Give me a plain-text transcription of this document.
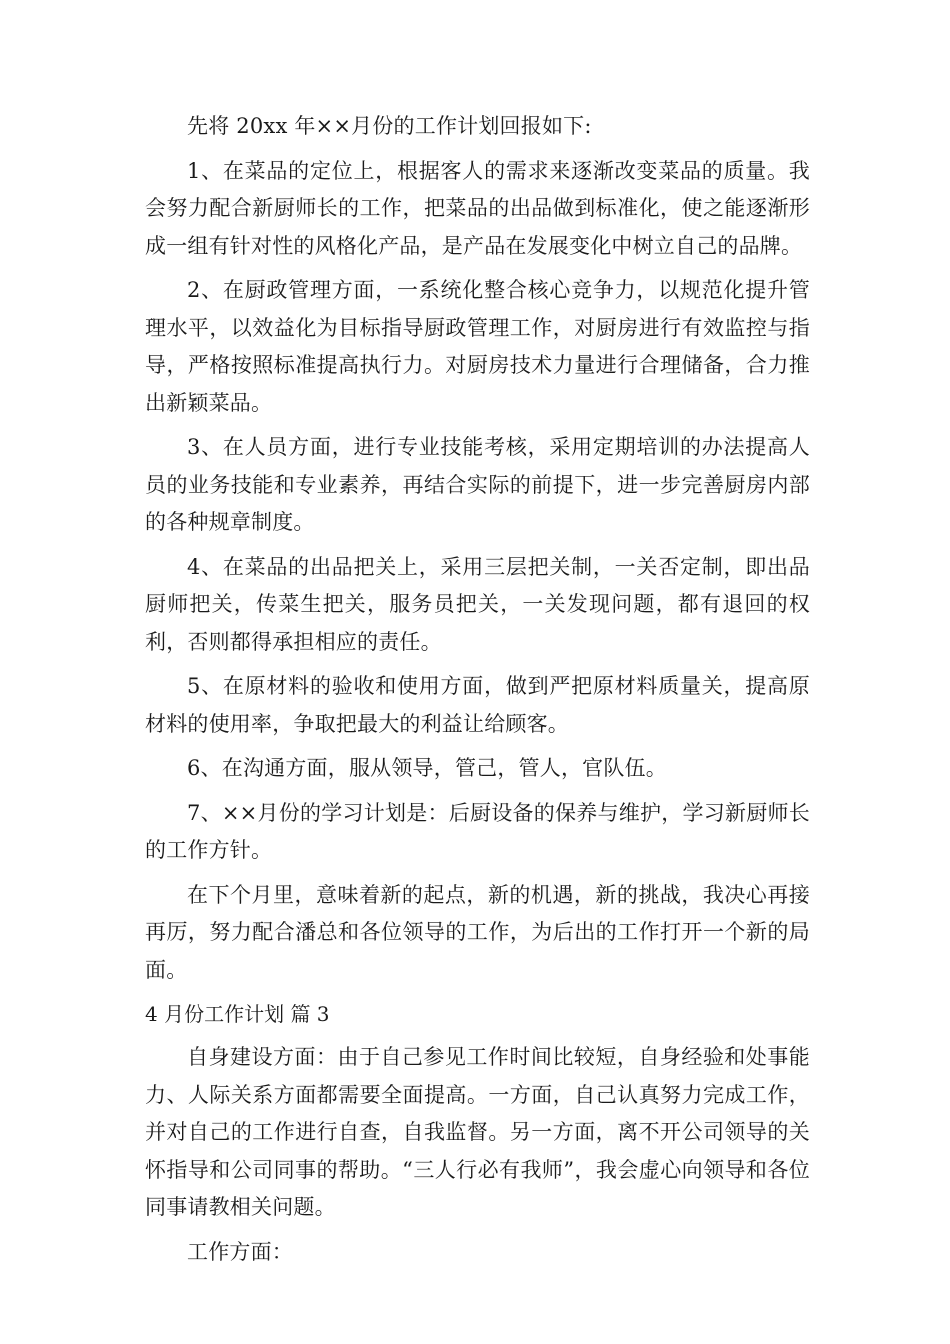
先将 20xx 年××月份的工作计划回报如下:

1、在菜品的定位上，根据客人的需求来逐渐改变菜品的质量。我会努力配合新厨师长的工作，把菜品的出品做到标准化，使之能逐渐形成一组有针对性的风格化产品，是产品在发展变化中树立自己的品牌。

2、在厨政管理方面，一系统化整合核心竞争力，以规范化提升管理水平，以效益化为目标指导厨政管理工作，对厨房进行有效监控与指导，严格按照标准提高执行力。对厨房技术力量进行合理储备，合力推出新颖菜品。

3、在人员方面，进行专业技能考核，采用定期培训的办法提高人员的业务技能和专业素养，再结合实际的前提下，进一步完善厨房内部的各种规章制度。

4、在菜品的出品把关上，采用三层把关制，一关否定制，即出品厨师把关，传菜生把关，服务员把关，一关发现问题，都有退回的权利，否则都得承担相应的责任。

5、在原材料的验收和使用方面，做到严把原材料质量关，提高原材料的使用率，争取把最大的利益让给顾客。

6、在沟通方面，服从领导，管己，管人，官队伍。

7、××月份的学习计划是：后厨设备的保养与维护，学习新厨师长的工作方针。

在下个月里，意味着新的起点，新的机遇，新的挑战，我决心再接再厉，努力配合潘总和各位领导的工作，为后出的工作打开一个新的局面。

4 月份工作计划 篇 3

自身建设方面：由于自己参见工作时间比较短，自身经验和处事能力、人际关系方面都需要全面提高。一方面，自己认真努力完成工作，并对自己的工作进行自查，自我监督。另一方面，离不开公司领导的关怀指导和公司同事的帮助。“三人行必有我师”，我会虚心向领导和各位同事请教相关问题。

工作方面：
